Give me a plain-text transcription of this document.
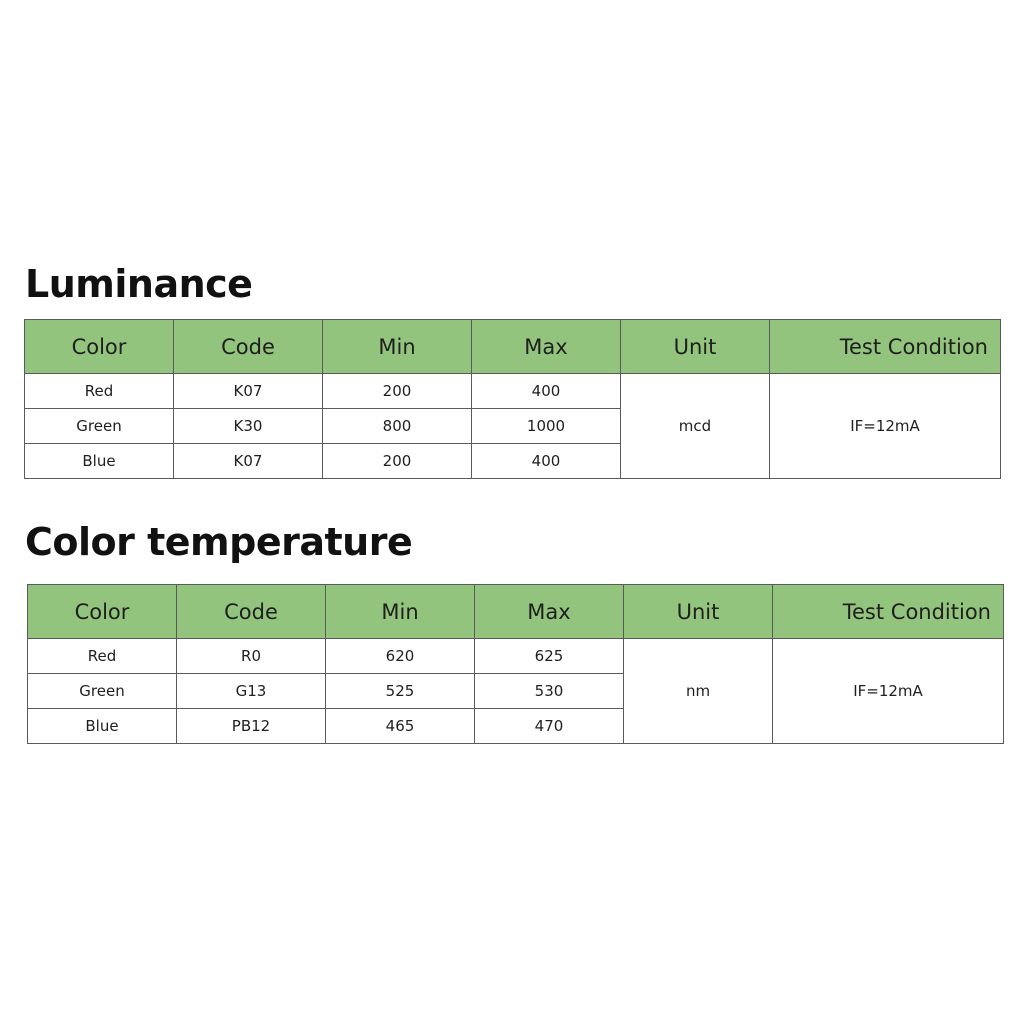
Luminance
Color	Code	Min	Max	Unit	Test Condition
Red	K07	200	400	mcd	IF=12mA
Green	K30	800	1000		
Blue	K07	200	400		
Color temperature
Color	Code	Min	Max	Unit	Test Condition
Red	R0	620	625	nm	IF=12mA
Green	G13	525	530		
Blue	PB12	465	470		
